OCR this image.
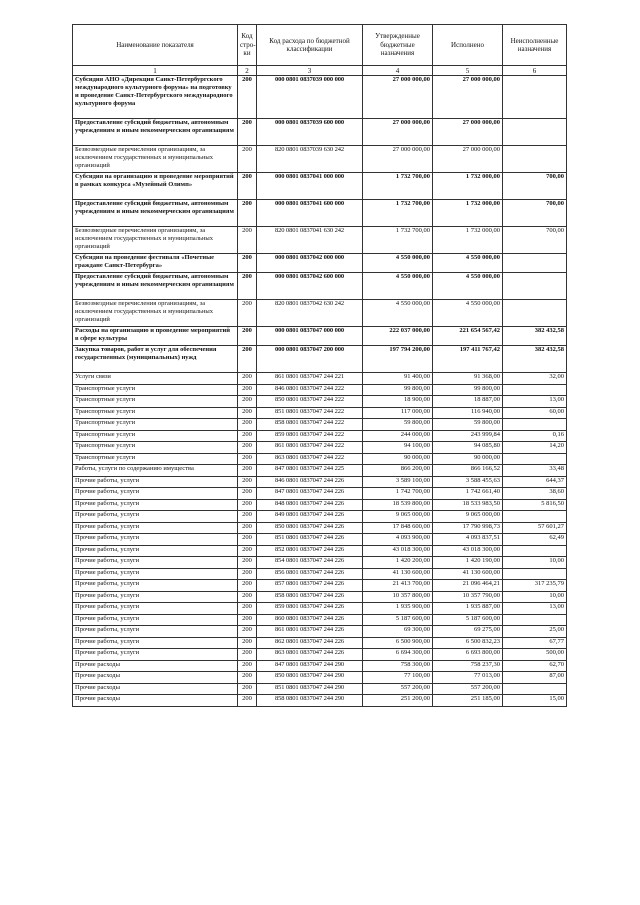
Наименование показателя	Код стро-ки	Код расхода по бюджетной классификации	Утвержденные бюджетные назначения	Исполнено	Неисполненные назначения
1	2	3	4	5	6
Субсидия АНО «Дирекция Санкт-Петербургского международного культурного форума» на подготовку и проведение Санкт-Петербургского международного культурного форума	200	000 0801 0837039 000 000	27 000 000,00	27 000 000,00	
Предоставление субсидий бюджетным, автономным учреждениям и иным некоммерческим организациям	200	000 0801 0837039 600 000	27 000 000,00	27 000 000,00	
Безвозмездные перечисления организациям, за исключением государственных и муниципальных организаций	200	820 0801 0837039 630 242	27 000 000,00	27 000 000,00	
Субсидия на организацию и проведение мероприятий в рамках конкурса «Музейный Олимп»	200	000 0801 0837041 000 000	1 732 700,00	1 732 000,00	700,00
Предоставление субсидий бюджетным, автономным учреждениям и иным некоммерческим организациям	200	000 0801 0837041 600 000	1 732 700,00	1 732 000,00	700,00
Безвозмездные перечисления организациям, за исключением государственных и муниципальных организаций	200	820 0801 0837041 630 242	1 732 700,00	1 732 000,00	700,00
Субсидия на проведение фестиваля «Почетные граждане Санкт-Петербурга»	200	000 0801 0837042 000 000	4 550 000,00	4 550 000,00	
Предоставление субсидий бюджетным, автономным учреждениям и иным некоммерческим организациям	200	000 0801 0837042 600 000	4 550 000,00	4 550 000,00	
Безвозмездные перечисления организациям, за исключением государственных и муниципальных организаций	200	820 0801 0837042 630 242	4 550 000,00	4 550 000,00	
Расходы на организацию и проведение мероприятий в сфере культуры	200	000 0801 0837047 000 000	222 037 000,00	221 654 567,42	382 432,58
Закупка товаров, работ и услуг для обеспечения государственных (муниципальных) нужд	200	000 0801 0837047 200 000	197 794 200,00	197 411 767,42	382 432,58
Услуги связи	200	861 0801 0837047 244 221	91 400,00	91 368,00	32,00
Транспортные услуги	200	846 0801 0837047 244 222	99 800,00	99 800,00	
Транспортные услуги	200	850 0801 0837047 244 222	18 900,00	18 887,00	13,00
Транспортные услуги	200	851 0801 0837047 244 222	117 000,00	116 940,00	60,00
Транспортные услуги	200	858 0801 0837047 244 222	59 800,00	59 800,00	
Транспортные услуги	200	859 0801 0837047 244 222	244 000,00	243 999,84	0,16
Транспортные услуги	200	861 0801 0837047 244 222	94 100,00	94 085,80	14,20
Транспортные услуги	200	863 0801 0837047 244 222	90 000,00	90 000,00	
Работы, услуги по содержанию имущества	200	847 0801 0837047 244 225	866 200,00	866 166,52	33,48
Прочие работы, услуги	200	846 0801 0837047 244 226	3 589 100,00	3 588 455,63	644,37
Прочие работы, услуги	200	847 0801 0837047 244 226	1 742 700,00	1 742 661,40	38,60
Прочие работы, услуги	200	848 0801 0837047 244 226	18 539 800,00	18 533 983,50	5 816,50
Прочие работы, услуги	200	849 0801 0837047 244 226	9 065 000,00	9 065 000,00	
Прочие работы, услуги	200	850 0801 0837047 244 226	17 848 600,00	17 790 998,73	57 601,27
Прочие работы, услуги	200	851 0801 0837047 244 226	4 093 900,00	4 093 837,51	62,49
Прочие работы, услуги	200	852 0801 0837047 244 226	43 018 300,00	43 018 300,00	
Прочие работы, услуги	200	854 0801 0837047 244 226	1 420 200,00	1 420 190,00	10,00
Прочие работы, услуги	200	856 0801 0837047 244 226	41 130 600,00	41 130 600,00	
Прочие работы, услуги	200	857 0801 0837047 244 226	21 413 700,00	21 096 464,21	317 235,79
Прочие работы, услуги	200	858 0801 0837047 244 226	10 357 800,00	10 357 790,00	10,00
Прочие работы, услуги	200	859 0801 0837047 244 226	1 935 900,00	1 935 887,00	13,00
Прочие работы, услуги	200	860 0801 0837047 244 226	5 187 600,00	5 187 600,00	
Прочие работы, услуги	200	861 0801 0837047 244 226	69 300,00	69 275,00	25,00
Прочие работы, услуги	200	862 0801 0837047 244 226	6 500 900,00	6 500 832,23	67,77
Прочие работы, услуги	200	863 0801 0837047 244 226	6 694 300,00	6 693 800,00	500,00
Прочие расходы	200	847 0801 0837047 244 290	758 300,00	758 237,30	62,70
Прочие расходы	200	850 0801 0837047 244 290	77 100,00	77 013,00	87,00
Прочие расходы	200	851 0801 0837047 244 290	557 200,00	557 200,00	
Прочие расходы	200	858 0801 0837047 244 290	251 200,00	251 185,00	15,00
